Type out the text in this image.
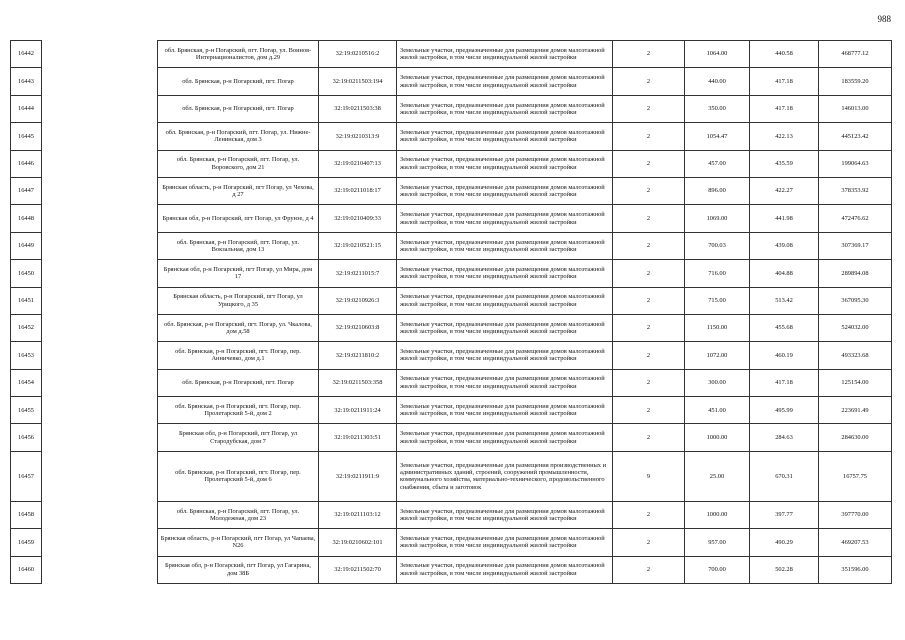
988
16442		обл. Брянская, р-н Погарский, пгт. Погар, ул. Воинов-Интернационалистов, дом д.29	32:19:0210516:2	Земельные участки, предназначенные для размещения домов малоэтажной жилой застройки, в том числе индивидуальной жилой застройки	2	1064.00	440.58	468777.12
16443		обл. Брянская, р-н Погарский, пгт. Погар	32:19:0211503:194	Земельные участки, предназначенные для размещения домов малоэтажной жилой застройки, в том числе индивидуальной жилой застройки	2	440.00	417.18	183559.20
16444		обл. Брянская, р-н Погарский, пгт. Погар	32:19:0211503:38	Земельные участки, предназначенные для размещения домов малоэтажной жилой застройки, в том числе индивидуальной жилой застройки	2	350.00	417.18	146013.00
16445		обл. Брянская, р-н Погарский, пгт. Погар, ул. Нижне-Ленинская, дом 3	32:19:0210313:9	Земельные участки, предназначенные для размещения домов малоэтажной жилой застройки, в том числе индивидуальной жилой застройки	2	1054.47	422.13	445123.42
16446		обл. Брянская, р-н Погарский, пгт. Погар, ул. Воровского, дом 21	32:19:0210407:13	Земельные участки, предназначенные для размещения домов малоэтажной жилой застройки, в том числе индивидуальной жилой застройки	2	457.00	435.59	199064.63
16447		Брянская область, р-н Погарский, пгт Погар, ул Чехова, д 27	32:19:0211018:17	Земельные участки, предназначенные для размещения домов малоэтажной жилой застройки, в том числе индивидуальной жилой застройки	2	896.00	422.27	378353.92
16448		Брянская обл, р-н Погарский, пгт Погар, ул Фрунзе, д 4	32:19:0210409:33	Земельные участки, предназначенные для размещения домов малоэтажной жилой застройки, в том числе индивидуальной жилой застройки	2	1069.00	441.98	472476.62
16449		обл. Брянская, р-н Погарский, пгт. Погар, ул. Вокзальная, дом 13	32:19:0210521:15	Земельные участки, предназначенные для размещения домов малоэтажной жилой застройки, в том числе индивидуальной жилой застройки	2	700.03	439.08	307369.17
16450		Брянская обл, р-н Погарский, пгт Погар, ул Мира, дом 17	32:19:0211015:7	Земельные участки, предназначенные для размещения домов малоэтажной жилой застройки, в том числе индивидуальной жилой застройки	2	716.00	404.88	289894.08
16451		Брянская область, р-н Погарский, пгт Погар, ул Урицкого, д 35	32:19:0210926:3	Земельные участки, предназначенные для размещения домов малоэтажной жилой застройки, в том числе индивидуальной жилой застройки	2	715.00	513.42	367095.30
16452		обл. Брянская, р-н Погарский, пгт. Погар, ул. Чкалова, дом д.58	32:19:0210603:8	Земельные участки, предназначенные для размещения домов малоэтажной жилой застройки, в том числе индивидуальной жилой застройки	2	1150.00	455.68	524032.00
16453		обл. Брянская, р-н Погарский, пгт. Погар, пер. Анничевко, дом д.1	32:19:0211810:2	Земельные участки, предназначенные для размещения домов малоэтажной жилой застройки, в том числе индивидуальной жилой застройки	2	1072.00	460.19	493323.68
16454		обл. Брянская, р-н Погарский, пгт. Погар	32:19:0211503:358	Земельные участки, предназначенные для размещения домов малоэтажной жилой застройки, в том числе индивидуальной жилой застройки	2	300.00	417.18	125154.00
16455		обл. Брянская, р-н Погарский, пгт. Погар, пер. Пролетарский 5-й, дом 2	32:19:0211911:24	Земельные участки, предназначенные для размещения домов малоэтажной жилой застройки, в том числе индивидуальной жилой застройки	2	451.00	495.99	223691.49
16456		Брянская обл, р-н Погарский, пгт Погар, ул Стародубская, дом 7	32:19:0211303:51	Земельные участки, предназначенные для размещения домов малоэтажной жилой застройки, в том числе индивидуальной жилой застройки	2	1000.00	284.63	284630.00
16457		обл. Брянская, р-н Погарский, пгт. Погар, пер. Пролетарский 5-й, дом 6	32:19:0211911:9	Земельные участки, предназначенные для размещения производственных и административных зданий, строений, сооружений промышленности, коммунального хозяйства, материально-технического, продовольственного снабжения, сбыта и заготовок	9	25.00	670.31	16757.75
16458		обл. Брянская, р-н Погарский, пгт. Погар, ул. Молодежная, дом 23	32:19:0211103:12	Земельные участки, предназначенные для размещения домов малоэтажной жилой застройки, в том числе индивидуальной жилой застройки	2	1000.00	397.77	397770.00
16459		Брянская область, р-н Погарский, пгт Погар, ул Чапаева, N26	32:19:0210602:101	Земельные участки, предназначенные для размещения домов малоэтажной жилой застройки, в том числе индивидуальной жилой застройки	2	957.00	490.29	469207.53
16460		Брянская обл, р-н Погарский, пгт Погар, ул Гагарина, дом 38Б	32:19:0211502:70	Земельные участки, предназначенные для размещения домов малоэтажной жилой застройки, в том числе индивидуальной жилой застройки	2	700.00	502.28	351596.00
